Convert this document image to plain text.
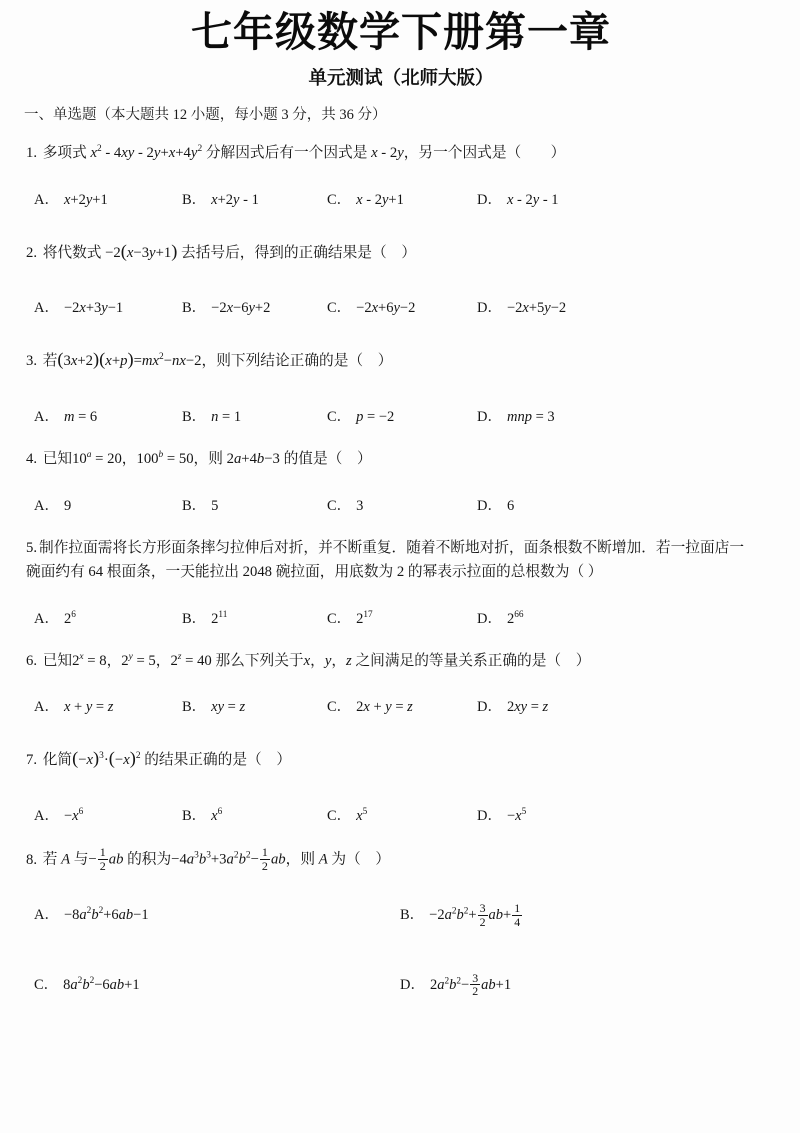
七年级数学下册第一章
单元测试（北师大版）

一、单选题（本大题共 12 小题，每小题 3 分，共 36 分）

1. 多项式 $x^2 - 4xy - 2y+x+4y^2$ 分解因式后有一个因式是 x - 2y，另一个因式是（　　）
A． x+2y+1	B． x+2y - 1	C． x - 2y+1	D． x - 2y - 1
2. 将代数式 −2(x−3y+1) 去括号后，得到的正确结果是（　）
A． −2x+3y−1	B． −2x−6y+2	C． −2x+6y−2	D． −2x+5y−2
3. 若$(3x+2)(x+p)=mx^2-nx-2$，则下列结论正确的是（　）
A． m = 6	B． n = 1	C． p = −2	D． mnp = 3
4. 已知$10^a = 20$，$100^b = 50$，则 2a+4b−3 的值是（　）
A． 9	B． 5	C． 3	D． 6
5. 制作拉面需将长方形面条摔匀拉伸后对折，并不断重复．随着不断地对折，面条根数不断增加．若一拉面店一
碗面约有 64 根面条，一天能拉出 2048 碗拉面，用底数为 2 的幂表示拉面的总根数为（ ）
A． $2^6$	B． $2^{11}$	C． $2^{17}$	D． $2^{66}$
6. 已知$2^x = 8$，$2^y = 5$，$2^z = 40$ 那么下列关于x，y，z 之间满足的等量关系正确的是（　）
A． x + y = z	B． xy = z	C． 2x + y = z	D． 2xy = z
7. 化简$(-x)^3\cdot(-x)^2$ 的结果正确的是（　）
A． $-x^6$	B． $x^6$	C． $x^5$	D． $-x^5$
8. 若 A 与− $\frac{1}{2}$ ab 的积为$-4a^3b^3+3a^2b^2- \frac{1}{2}$ ab，则 A 为（　）
A． $-8a^2b^2+6ab-1$	B． $-2a^2b^2+ \frac{3}{2} ab+ \frac{1}{4}$
C． $8a^2b^2-6ab+1$	D． $2a^2b^2- \frac{3}{2} ab+1$
